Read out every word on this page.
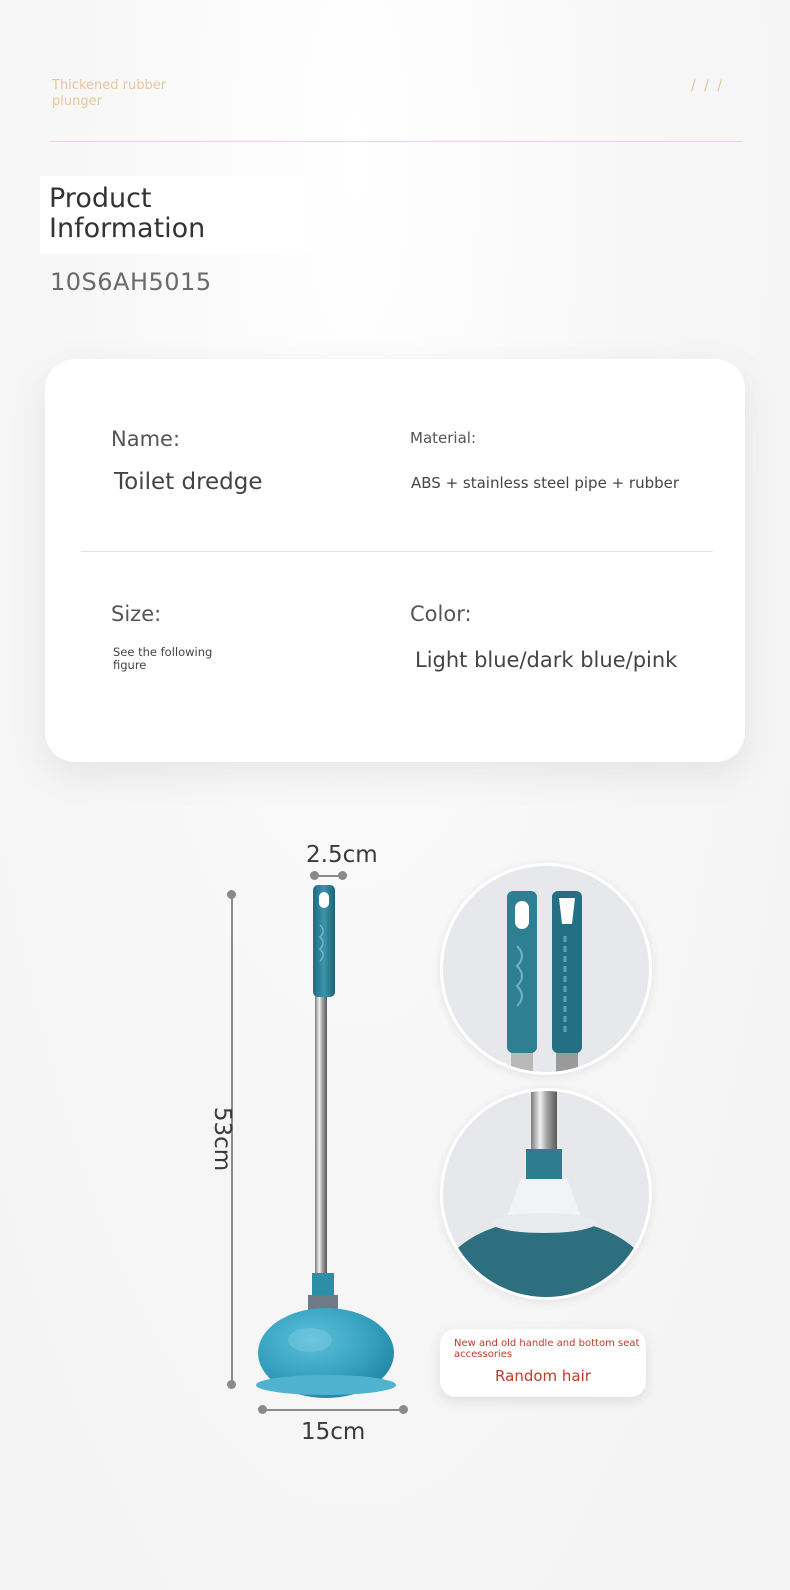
Thickened rubber plunger
/ / /
Product
Information
10S6AH5015
Name:
Toilet dredge
Material:
ABS + stainless steel pipe + rubber
Size:
See the following figure
Color:
Light blue/dark blue/pink
2.5cm
53cm
15cm
New and old handle and bottom seat accessories
Random hair
